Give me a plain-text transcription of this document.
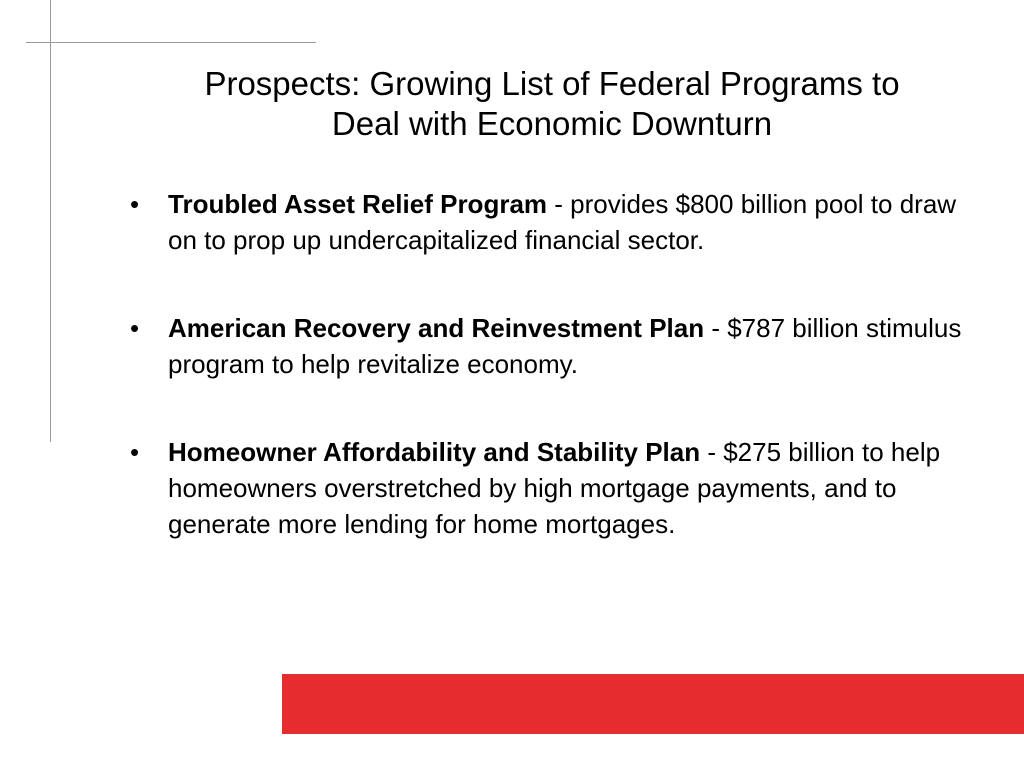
Prospects: Growing List of Federal Programs to
Deal with Economic Downturn
•	Troubled Asset Relief Program - provides $800 billion pool to draw on to prop up undercapitalized financial sector.
•	American Recovery and Reinvestment Plan - $787 billion stimulus program to help revitalize economy.
•	Homeowner Affordability and Stability Plan - $275 billion to help homeowners overstretched by high mortgage payments, and to generate more lending for home mortgages.
